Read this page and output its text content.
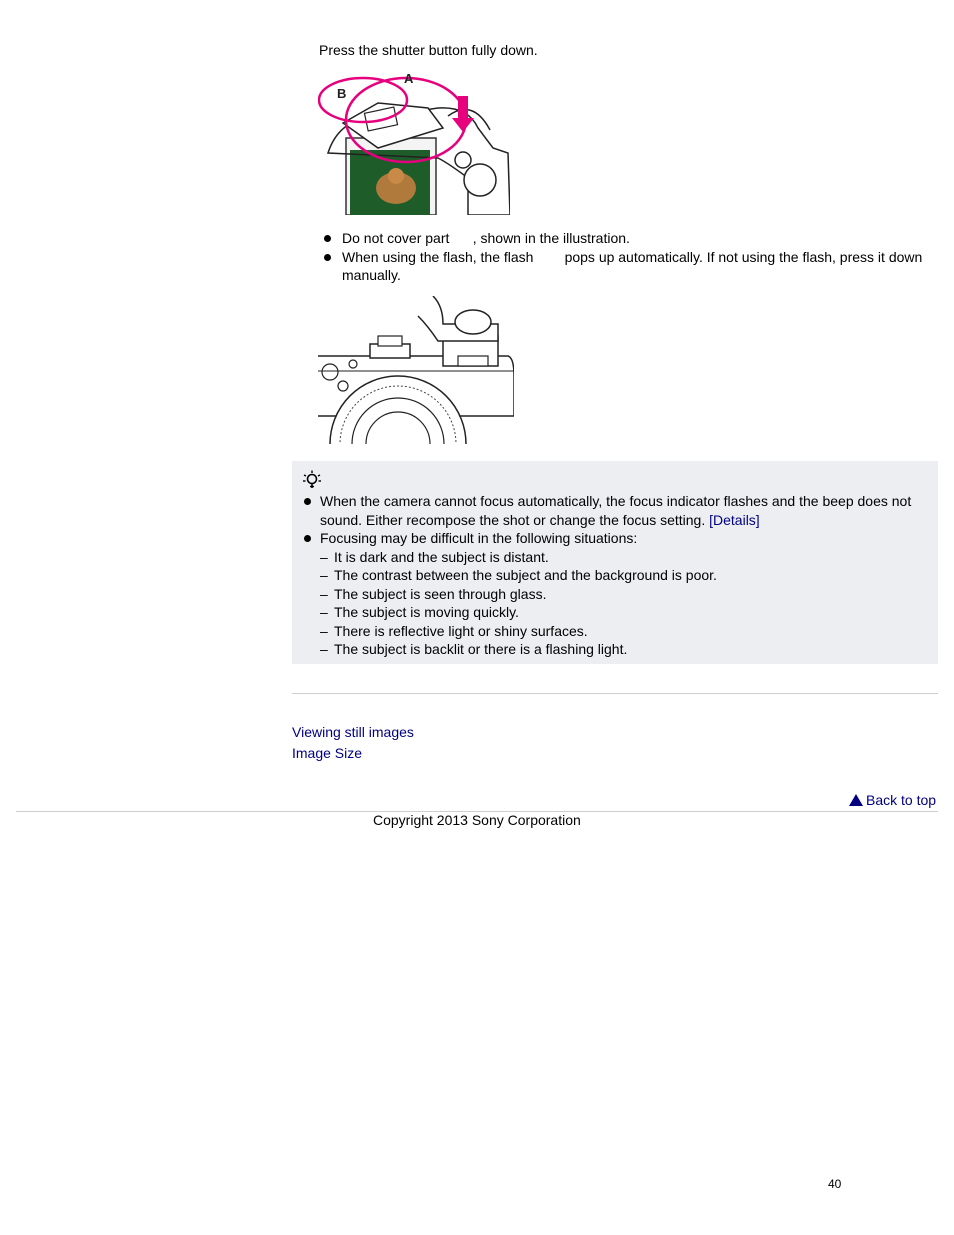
Press the shutter button fully down.
A
B
Do not cover part      , shown in the illustration.
When using the flash, the flash        pops up automatically. If not using the flash, press it down manually.
When the camera cannot focus automatically, the focus indicator flashes and the beep does not sound. Either recompose the shot or change the focus setting. [Details]
Focusing may be difficult in the following situations:
– It is dark and the subject is distant.
– The contrast between the subject and the background is poor.
– The subject is seen through glass.
– The subject is moving quickly.
– There is reflective light or shiny surfaces.
– The subject is backlit or there is a flashing light.
Viewing still images
Image Size
Back to top
Copyright 2013 Sony Corporation
40
